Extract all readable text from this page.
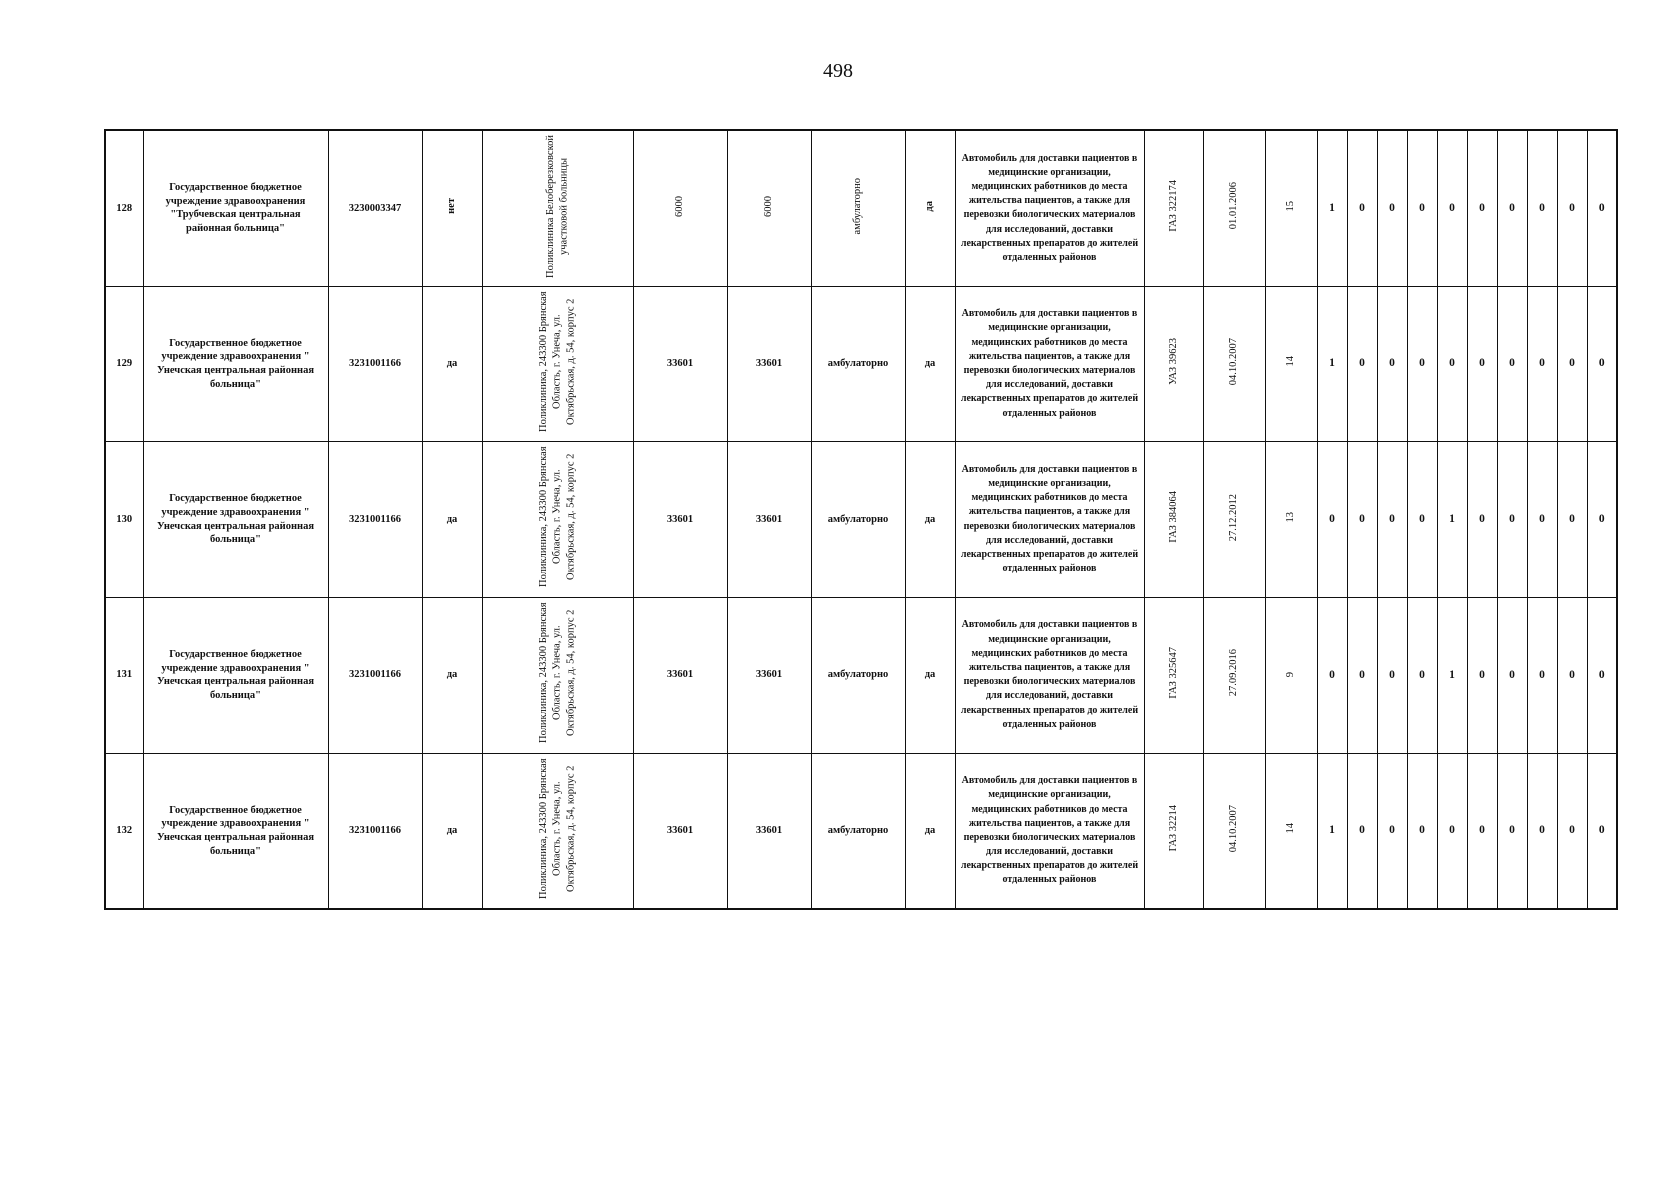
498
128	Государственное бюджетное учреждение здравоохранения "Трубчевская центральная районная больница"	3230003347	нет	Поликлиника Белоберезковской участковой больницы	6000	6000	амбулаторно	да	Автомобиль для доставки пациентов в медицинские организации, медицинских работников до места жительства пациентов, а также для перевозки биологических материалов для исследований, доставки лекарственных препаратов до жителей отдаленных районов	ГАЗ 322174	01.01.2006	15	1	0	0	0	0	0	0	0	0	0
129	Государственное бюджетное учреждение здравоохранения " Унечская центральная районная больница"	3231001166	да	Поликлиника, 243300 Брянская Область, г. Унеча, ул. Октябрьская, д. 54, корпус 2	33601	33601	амбулаторно	да	Автомобиль для доставки пациентов в медицинские организации, медицинских работников до места жительства пациентов, а также для перевозки биологических материалов для исследований, доставки лекарственных препаратов до жителей отдаленных районов	УАЗ 39623	04.10.2007	14	1	0	0	0	0	0	0	0	0	0
130	Государственное бюджетное учреждение здравоохранения " Унечская центральная районная больница"	3231001166	да	Поликлиника, 243300 Брянская Область, г. Унеча, ул. Октябрьская, д. 54, корпус 2	33601	33601	амбулаторно	да	Автомобиль для доставки пациентов в медицинские организации, медицинских работников до места жительства пациентов, а также для перевозки биологических материалов для исследований, доставки лекарственных препаратов до жителей отдаленных районов	ГАЗ 384064	27.12.2012	13	0	0	0	0	1	0	0	0	0	0
131	Государственное бюджетное учреждение здравоохранения " Унечская центральная районная больница"	3231001166	да	Поликлиника, 243300 Брянская Область, г. Унеча, ул. Октябрьская, д. 54, корпус 2	33601	33601	амбулаторно	да	Автомобиль для доставки пациентов в медицинские организации, медицинских работников до места жительства пациентов, а также для перевозки биологических материалов для исследований, доставки лекарственных препаратов до жителей отдаленных районов	ГАЗ 325647	27.09.2016	9	0	0	0	0	1	0	0	0	0	0
132	Государственное бюджетное учреждение здравоохранения " Унечская центральная районная больница"	3231001166	да	Поликлиника, 243300 Брянская Область, г. Унеча, ул. Октябрьская, д. 54, корпус 2	33601	33601	амбулаторно	да	Автомобиль для доставки пациентов в медицинские организации, медицинских работников до места жительства пациентов, а также для перевозки биологических материалов для исследований, доставки лекарственных препаратов до жителей отдаленных районов	ГАЗ 32214	04.10.2007	14	1	0	0	0	0	0	0	0	0	0
